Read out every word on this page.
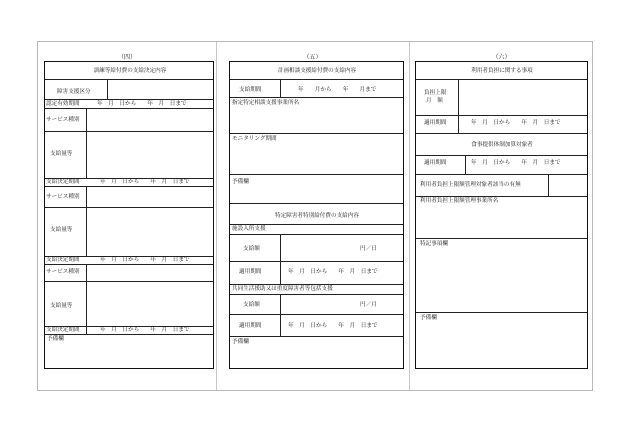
（四）	（五）	（六）
訓練等給付費の支給決定内容
障害支援区分
認定有効期間	年　月　日から　　年　月　日まで
サービス種別
支給量等
支給決定期間	年　月　日から　　年　月　日まで
サービス種別
支給量等
支給決定期間	年　月　日から　　年　月　日まで
サービス種別
支給量等
支給決定期間	年　月　日から　　年　月　日まで
予備欄
計画相談支援給付費の支給内容
支給期間	年　　月から　　年　　月まで
指定特定相談支援事業所名
モニタリング期間
予備欄
特定障害者特別給付費の支給内容
施設入所支援
支給額	円／日
適用期間	年　月　日から　　年　月　日まで
共同生活援助又は重度障害者等包括支援
支給額	円／月
適用期間	年　月　日から　　年　月　日まで
予備欄
利用者負担に関する事項
負担上限
月　額
適用期間	年　月　日から　　年　月　日まで
食事提供体制加算対象者
適用期間	年　月　日から　　年　月　日まで
利用者負担上限額管理対象者該当の有無
利用者負担上限額管理事業所名
特記事項欄
予備欄
